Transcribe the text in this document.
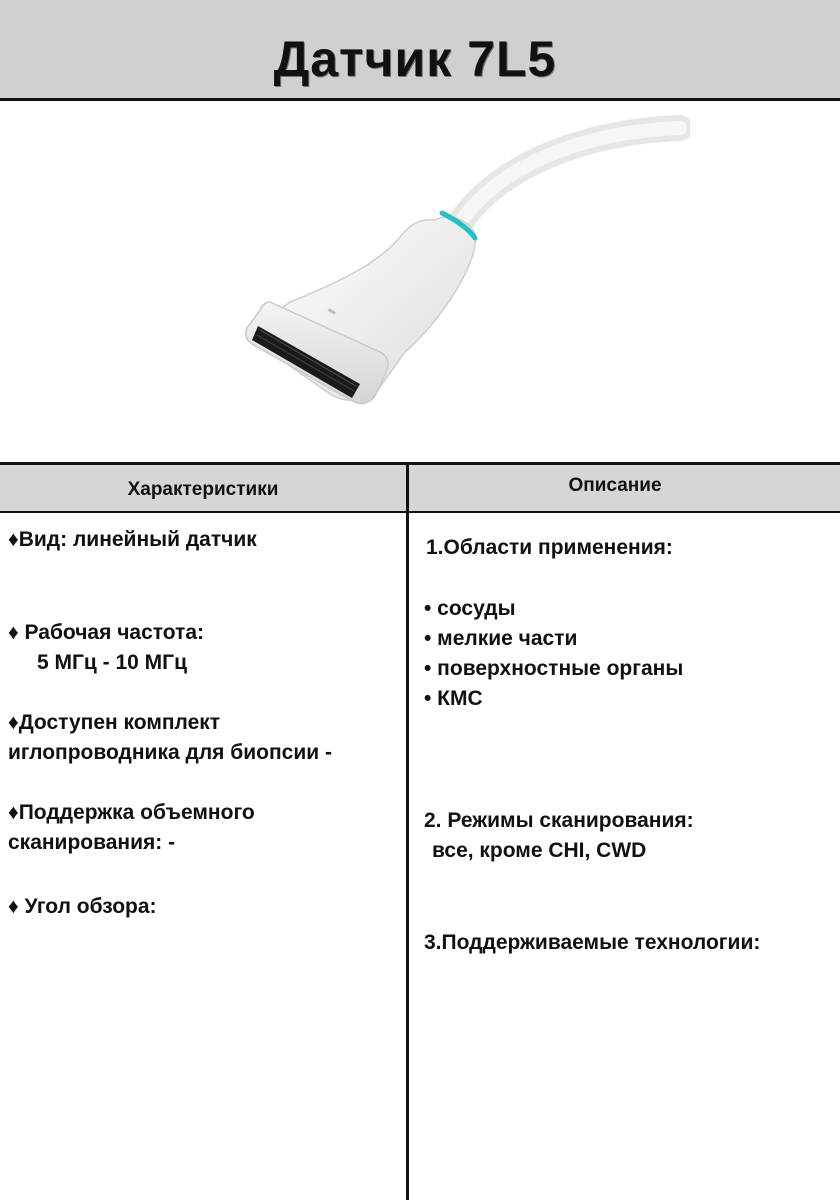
Датчик 7L5
Характеристики	Описание
♦Вид: линейный датчик
♦ Рабочая частота:
5 МГц - 10 МГц
♦Доступен комплект
иглопроводника для биопсии -
♦Поддержка объемного
сканирования: -
♦ Угол обзора:
1.Области применения:
• сосуды
• мелкие части
• поверхностные органы
• КМС
2. Режимы сканирования:
все, кроме CHI, CWD
3.Поддерживаемые технологии:
